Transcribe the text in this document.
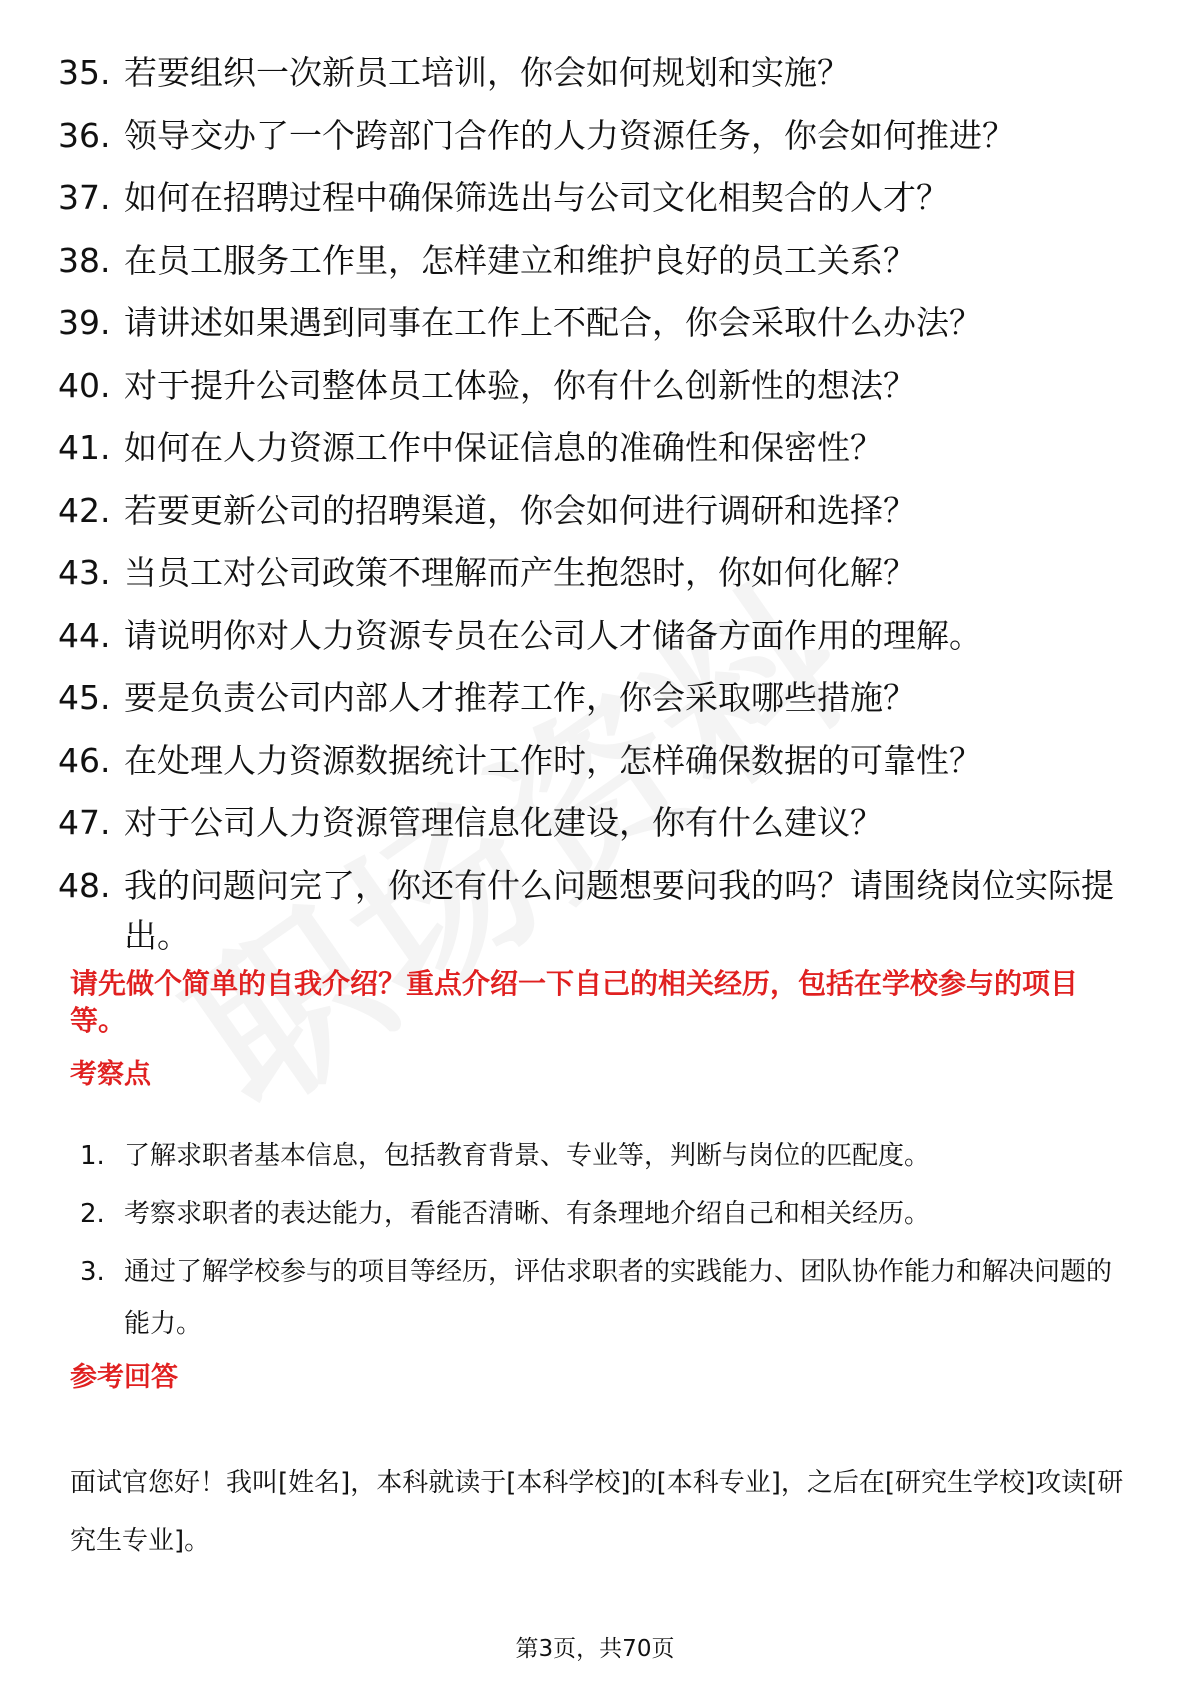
35. 若要组织一次新员工培训，你会如何规划和实施？
36. 领导交办了一个跨部门合作的人力资源任务，你会如何推进？
37. 如何在招聘过程中确保筛选出与公司文化相契合的人才？
38. 在员工服务工作里，怎样建立和维护良好的员工关系？
39. 请讲述如果遇到同事在工作上不配合，你会采取什么办法？
40. 对于提升公司整体员工体验，你有什么创新性的想法？
41. 如何在人力资源工作中保证信息的准确性和保密性？
42. 若要更新公司的招聘渠道，你会如何进行调研和选择？
43. 当员工对公司政策不理解而产生抱怨时，你如何化解？
44. 请说明你对人力资源专员在公司人才储备方面作用的理解。
45. 要是负责公司内部人才推荐工作，你会采取哪些措施？
46. 在处理人力资源数据统计工作时，怎样确保数据的可靠性？
47. 对于公司人力资源管理信息化建设，你有什么建议？
48. 我的问题问完了，你还有什么问题想要问我的吗？请围绕岗位实际提出。
请先做个简单的自我介绍？重点介绍一下自己的相关经历，包括在学校参与的项目等。
考察点
1. 了解求职者基本信息，包括教育背景、专业等，判断与岗位的匹配度。
2. 考察求职者的表达能力，看能否清晰、有条理地介绍自己和相关经历。
3. 通过了解学校参与的项目等经历，评估求职者的实践能力、团队协作能力和解决问题的能力。
参考回答
面试官您好！我叫[姓名]，本科就读于[本科学校]的[本科专业]，之后在[研究生学校]攻读[研究生专业]。
第3页，共70页
